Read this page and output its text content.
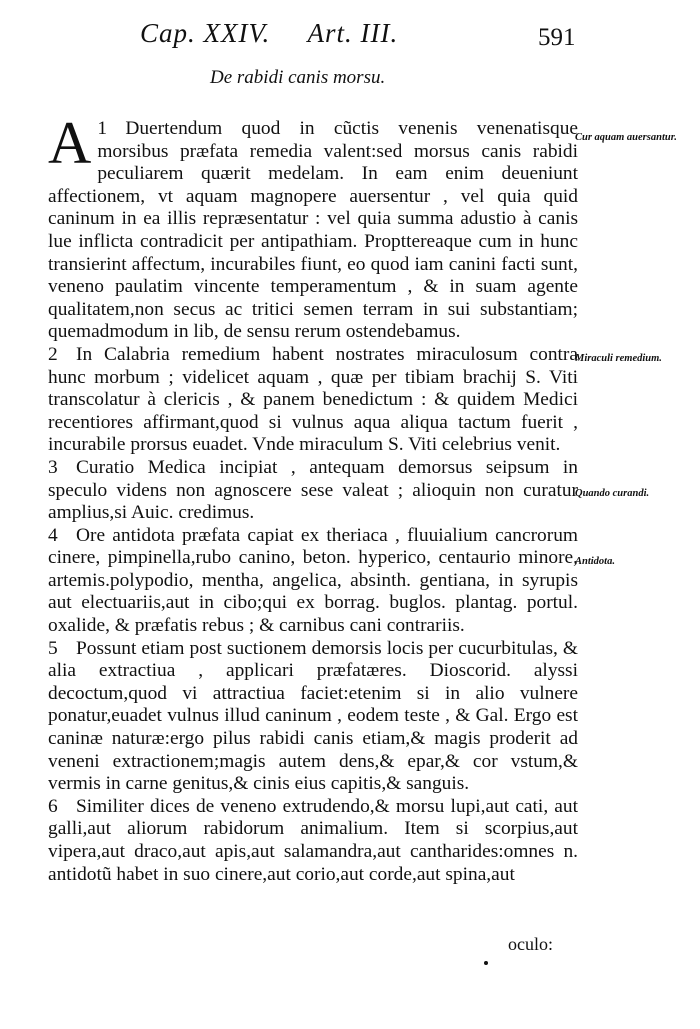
Cap. XXIV. Art. III.	591
De rabidi canis morsu.

1
A Duertendum quod in cũctis venenis venenatisque morsibus præfata remedia valent:sed morsus canis rabidi peculiarem quærit medelam. In eam enim deueniunt affectionem, vt aquam magnopere auersentur , vel quia quid caninum in ea illis repræsentatur : vel quia summa adustio à canis lue inflicta contradicit per antipathiam. Propttereaque cum in hunc transierint affectum, incurabiles fiunt, eo quod iam canini facti sunt, veneno paulatim vincente temperamentum , & in suam agente qualitatem,non secus ac tritici semen terram in sui substantiam; quemadmodum in lib, de sensu rerum ostendebamus.

2 In Calabria remedium habent nostrates miraculosum contra hunc morbum ; videlicet aquam , quæ per tibiam brachij S. Viti transcolatur à clericis , & panem benedictum : & quidem Medici recentiores affirmant,quod si vulnus aqua aliqua tactum fuerit , incurabile prorsus euadet. Vnde miraculum S. Viti celebrius venit.

3 Curatio Medica incipiat , antequam demorsus seipsum in speculo videns non agnoscere sese valeat ; alioquin non curatur amplius,si Auic. credimus.

4 Ore antidota præfata capiat ex theriaca , fluuialium cancrorum cinere, pimpinella,rubo canino, beton. hyperico, centaurio minore, artemis.polypodio, mentha, angelica, absinth. gentiana, in syrupis aut electuariis,aut in cibo;qui ex borrag. buglos. plantag. portul. oxalide, & præfatis rebus ; & carnibus cani contrariis.

5 Possunt etiam post suctionem demorsis locis per cucurbitulas, & alia extractiua , applicari præfatæres. Dioscorid. alyssi decoctum,quod vi attractiua faciet:etenim si in alio vulnere ponatur,euadet vulnus illud caninum , eodem teste , & Gal. Ergo est caninæ naturæ:ergo pilus rabidi canis etiam,& magis proderit ad veneni extractionem;magis autem dens,& epar,& cor vstum,& vermis in carne genitus,& cinis eius capitis,& sanguis.

6 Similiter dices de veneno extrudendo,& morsu lupi,aut cati, aut galli,aut aliorum rabidorum animalium. Item si scorpius,aut vipera,aut draco,aut apis,aut salamandra,aut cantharides:omnes n. antidotũ habet in suo cinere,aut corio,aut corde,aut spina,aut

Cur aquam auersantur.
Miraculi remedium.
Quando curandi.
Antidota.
oculo:
